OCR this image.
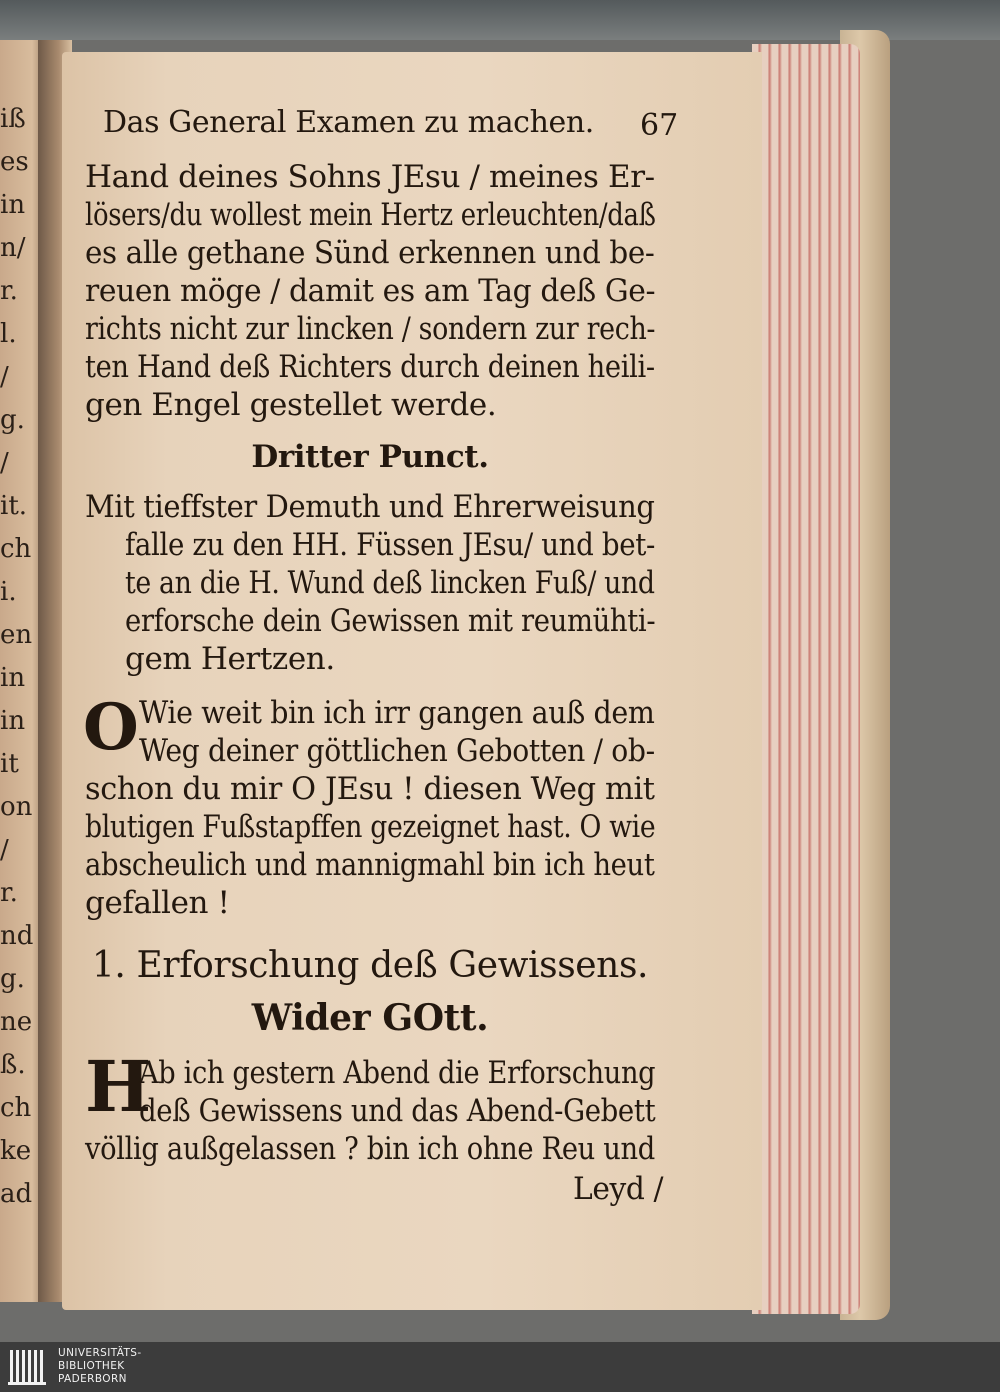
iß
es
in
n/
r.
l.
/
g.
/
it.
ch
i.
en
in
in
it
on
/
r.
nd
g.
ne
ß.
ch
ke
ad
Das General Examen zu machen.	67
Hand deines Sohns JEsu / meines Er-
lösers/du wollest mein Hertz erleuchten/daß
es alle gethane Sünd erkennen und be-
reuen möge / damit es am Tag deß Ge-
richts nicht zur lincken / sondern zur rech-
ten Hand deß Richters durch deinen heili-
gen Engel gestellet werde.
Dritter Punct.
Mit tieffster Demuth und Ehrerweisung
falle zu den HH. Füssen JEsu/ und bet-
te an die H. Wund deß lincken Fuß/ und
erforsche dein Gewissen mit reumühti-
gem Hertzen.
O Wie weit bin ich irr gangen auß dem
Weg deiner göttlichen Gebotten / ob-
schon du mir O JEsu ! diesen Weg mit
blutigen Fußstapffen gezeignet hast. O wie
abscheulich und mannigmahl bin ich heut
gefallen !
1. Erforschung deß Gewissens.
Wider GOtt.
H
Ab ich gestern Abend die Erforschung
deß Gewissens und das Abend-Gebett
völlig außgelassen ? bin ich ohne Reu und
Leyd /
UNIVERSITÄTS-
BIBLIOTHEK
PADERBORN
